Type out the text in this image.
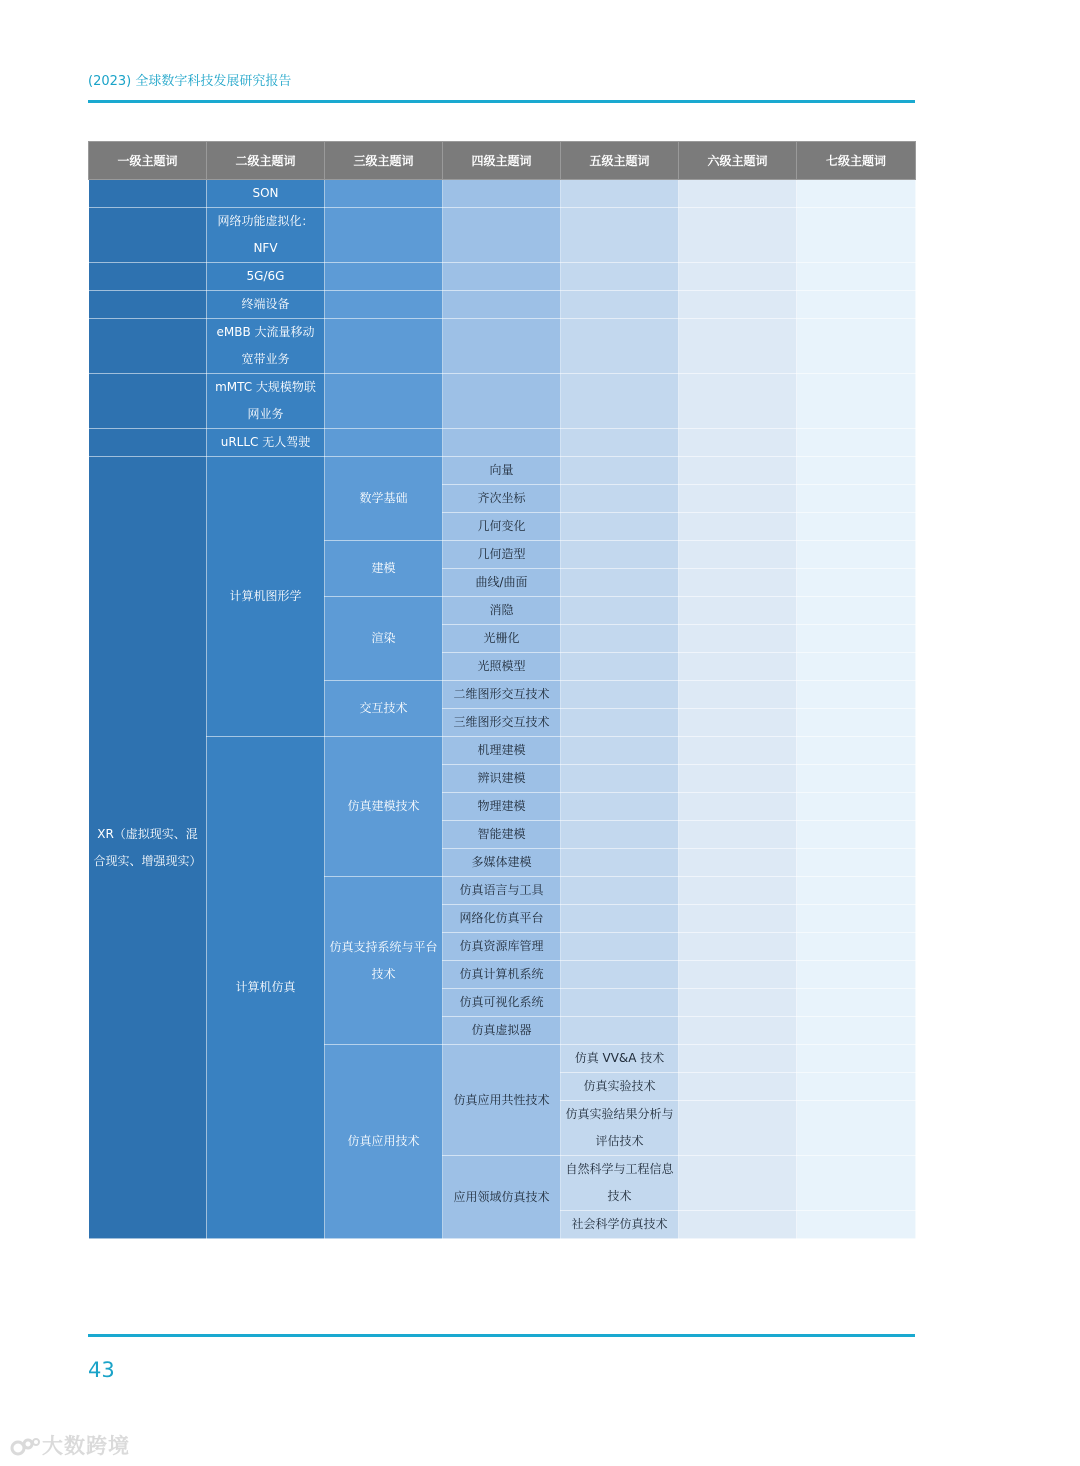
(2023) 全球数字科技发展研究报告
一级主题词	二级主题词	三级主题词	四级主题词	五级主题词	六级主题词	七级主题词
	SON					
	网络功能虚拟化：NFV					
	5G/6G					
	终端设备					
	eMBB 大流量移动宽带业务					
	mMTC 大规模物联网业务					
	uRLLC 无人驾驶					
XR（虚拟现实、混合现实、增强现实）	计算机图形学	数学基础	向量			
			齐次坐标			
			几何变化			
		建模	几何造型			
			曲线/曲面			
		渲染	消隐			
			光栅化			
			光照模型			
		交互技术	二维图形交互技术			

			三维图形交互技术			

	计算机仿真	仿真建模技术	机理建模			
			辨识建模			
			物理建模			
			智能建模			
			多媒体建模			
		仿真支持系统与平台技术	仿真语言与工具			
			网络化仿真平台			
			仿真资源库管理			
			仿真计算机系统			
			仿真可视化系统			
			仿真虚拟器			
		仿真应用技术	仿真应用共性技术	仿真 VV&A 技术		
				仿真实验技术		
				仿真实验结果分析与评估技术		

			应用领域仿真技术	自然科学与工程信息技术		

				社会科学仿真技术		

43
大数跨境
